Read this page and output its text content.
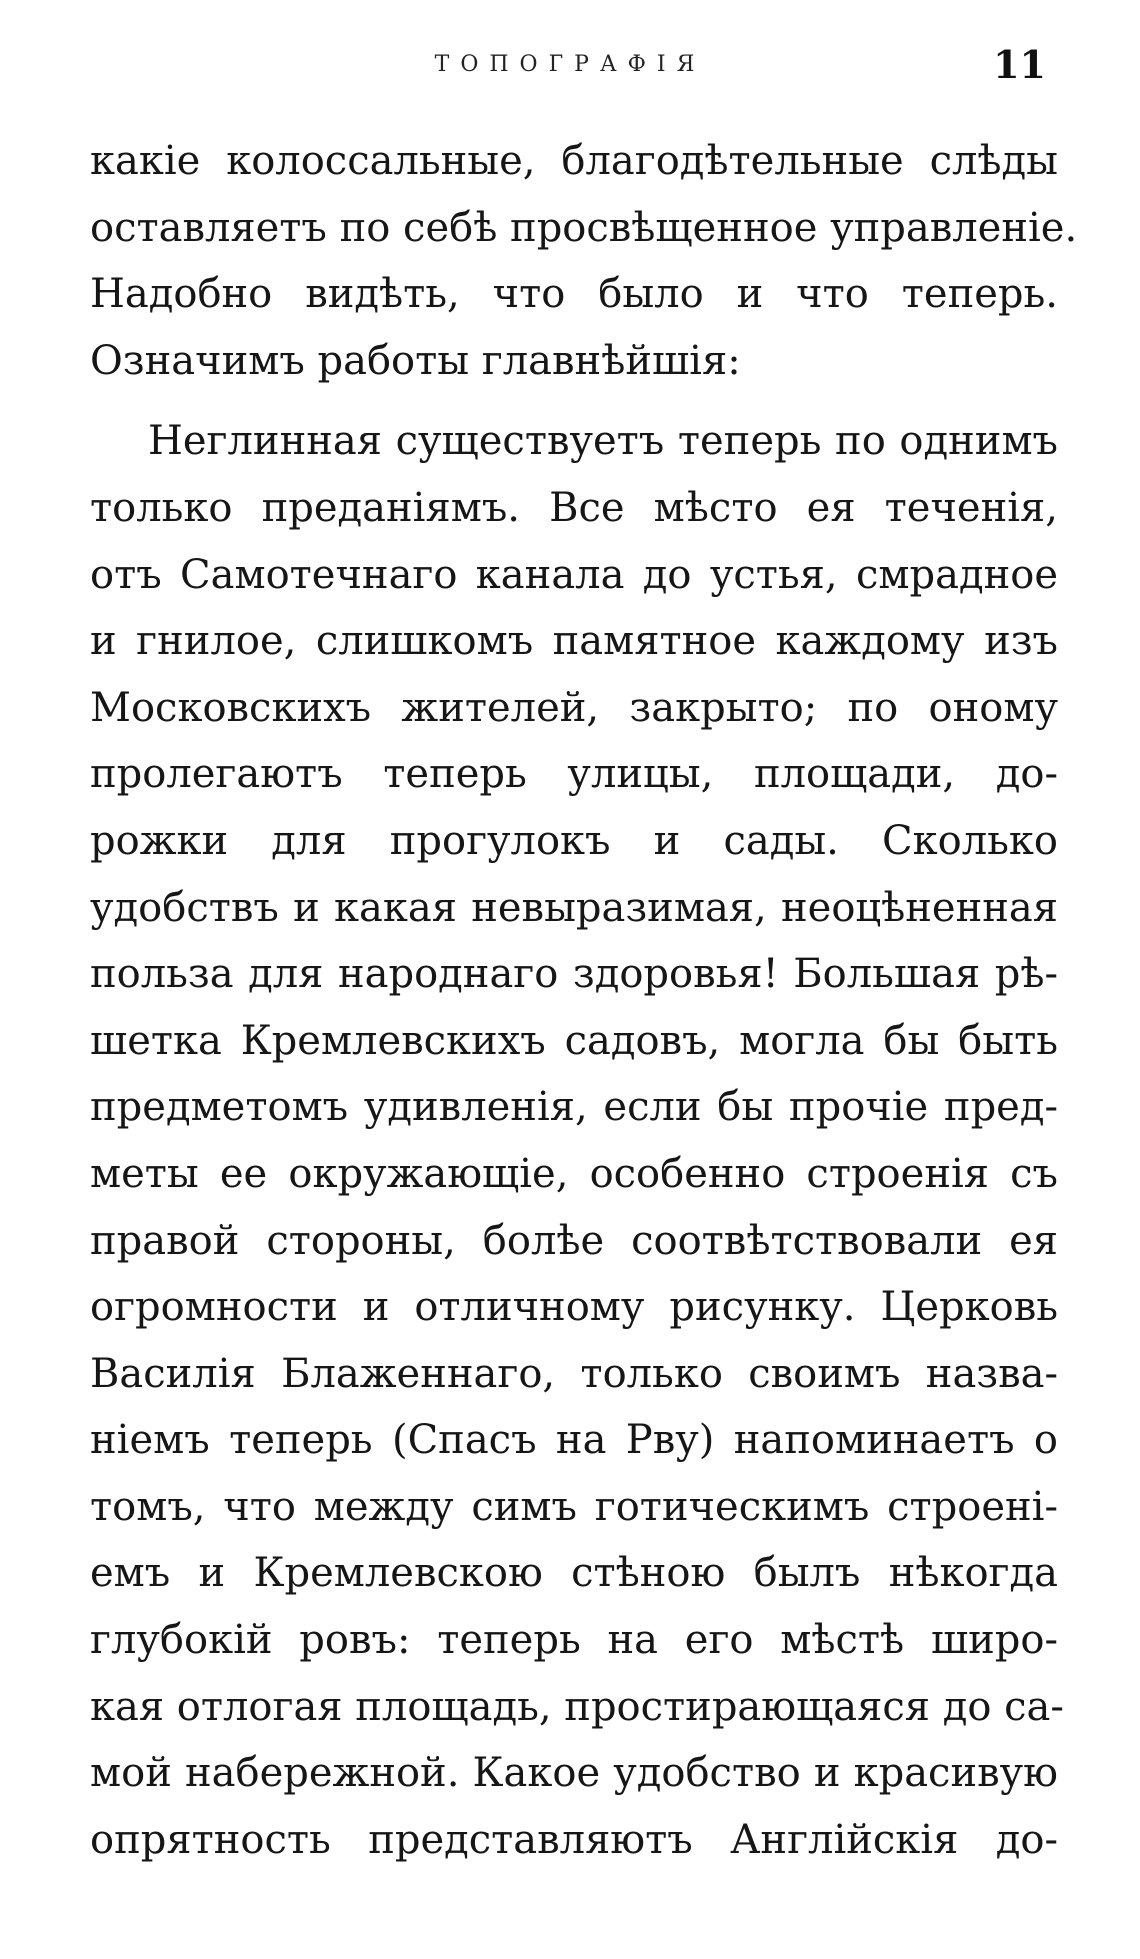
ТОПОГРАФІЯ	11
какіе колоссальные, благодѣтельные слѣды
оставляетъ по себѣ просвѣщенное управленіе.
Надобно видѣть, что было и что теперь.
Означимъ работы главнѣйшія:
Неглинная существуетъ теперь по однимъ
только преданіямъ. Все мѣсто ея теченія,
отъ Самотечнаго канала до устья, смрадное
и гнилое, слишкомъ памятное каждому изъ
Московскихъ жителей, закрыто; по оному
пролегаютъ теперь улицы, площади, до-
рожки для прогулокъ и сады. Сколько
удобствъ и какая невыразимая, неоцѣненная
польза для народнаго здоровья! Большая рѣ-
шетка Кремлевскихъ садовъ, могла бы быть
предметомъ удивленія, если бы прочіе пред-
меты ее окружающіе, особенно строенія съ
правой стороны, болѣе соотвѣтствовали ея
огромности и отличному рисунку. Церковь
Василія Блаженнаго, только своимъ назва-
ніемъ теперь (Спасъ на Рву) напоминаетъ о
томъ, что между симъ готическимъ строені-
емъ и Кремлевскою стѣною былъ нѣкогда
глубокій ровъ: теперь на его мѣстѣ широ-
кая отлогая площадь, простирающаяся до са-
мой набережной. Какое удобство и красивую
опрятность представляютъ Англійскія до-
